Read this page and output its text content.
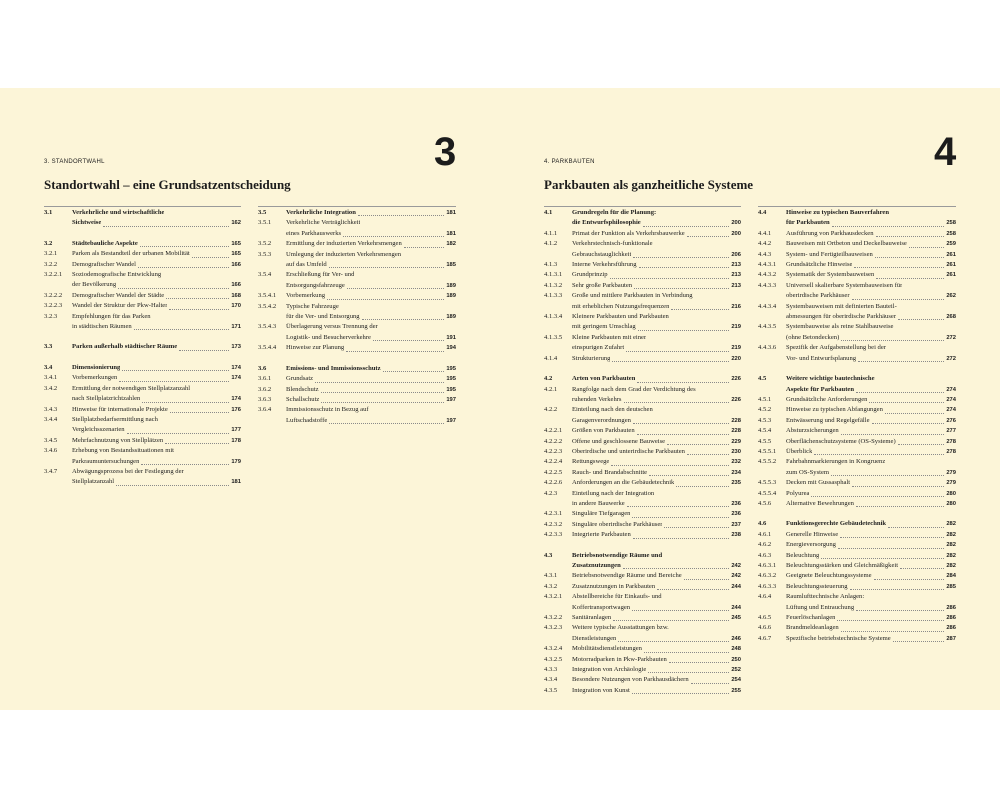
3
3. STANDORTWAHL
Standortwahl – eine Grundsatzentscheidung
3.1	Verkehrliche und wirtschaftliche
Sichtweise	162
3.2	Städtebauliche Aspekte	165
3.2.1	Parken als Bestandteil der urbanen Mobilität	165
3.2.2	Demografischer Wandel	166
3.2.2.1	Soziodemografische Entwicklung
der Bevölkerung	166
3.2.2.2	Demografischer Wandel der Städte	168
3.2.2.3	Wandel der Struktur der Pkw-Halter	170
3.2.3	Empfehlungen für das Parken
in städtischen Räumen	171
3.3	Parken außerhalb städtischer Räume	173
3.4	Dimensionierung	174
3.4.1	Vorbemerkungen	174
3.4.2	Ermittlung der notwendigen Stellplatzanzahl
nach Stellplatzrichtzahlen	174
3.4.3	Hinweise für internationale Projekte	176
3.4.4	Stellplatzbedarfsermittlung nach
Vergleichsszenarien	177
3.4.5	Mehrfachnutzung von Stellplätzen	178
3.4.6	Erhebung von Bestandssituationen mit
Parkraumuntersuchungen	179
3.4.7	Abwägungsprozess bei der Festlegung der
Stellplatzanzahl	181
3.5	Verkehrliche Integration	181
3.5.1	Verkehrliche Verträglichkeit
eines Parkhauswerks	181
3.5.2	Ermittlung der induzierten Verkehrsmengen	182
3.5.3	Umlegung der induzierten Verkehrsmengen
auf das Umfeld	185
3.5.4	Erschließung für Ver- und
Entsorgungsfahrzeuge	189
3.5.4.1	Vorbemerkung	189
3.5.4.2	Typische Fahrzeuge
für die Ver- und Entsorgung	189
3.5.4.3	Überlagerung versus Trennung der
Logistik- und Besucherverkehre	191
3.5.4.4	Hinweise zur Planung	194
3.6	Emissions- und Immissionsschutz	195
3.6.1	Grundsatz	195
3.6.2	Blendschutz	195
3.6.3	Schallschutz	197
3.6.4	Immissionsschutz in Bezug auf
Luftschadstoffe	197
4
4. PARKBAUTEN
Parkbauten als ganzheitliche Systeme
4.1	Grundregeln für die Planung:
die Entwurfsphilosophie	200
4.1.1	Primat der Funktion als Verkehrsbauwerke	200
4.1.2	Verkehrstechnisch-funktionale
Gebrauchstauglichkeit	206
4.1.3	Interne Verkehrsführung	213
4.1.3.1	Grundprinzip	213
4.1.3.2	Sehr große Parkbauten	213
4.1.3.3	Große und mittlere Parkbauten in Verbindung
mit erheblichen Nutzungsfrequenzen	216
4.1.3.4	Kleinere Parkbauten und Parkbauten
mit geringem Umschlag	219
4.1.3.5	Kleine Parkbauten mit einer
einspurigen Zufahrt	219
4.1.4	Strukturierung	220
4.2	Arten von Parkbauten	226
4.2.1	Rangfolge nach dem Grad der Verdichtung des
ruhenden Verkehrs	226
4.2.2	Einteilung nach den deutschen
Garagenverordnungen	228
4.2.2.1	Größen von Parkbauten	228
4.2.2.2	Offene und geschlossene Bauweise	229
4.2.2.3	Oberirdische und unterirdische Parkbauten	230
4.2.2.4	Rettungswege	232
4.2.2.5	Rauch- und Brandabschnitte	234
4.2.2.6	Anforderungen an die Gebäudetechnik	235
4.2.3	Einteilung nach der Integration
in andere Bauwerke	236
4.2.3.1	Singuläre Tiefgaragen	236
4.2.3.2	Singuläre oberirdische Parkhäuser	237
4.2.3.3	Integrierte Parkbauten	238
4.3	Betriebsnotwendige Räume und
Zusatznutzungen	242
4.3.1	Betriebsnotwendige Räume und Bereiche	242
4.3.2	Zusatznutzungen in Parkbauten	244
4.3.2.1	Abstellbereiche für Einkaufs- und
Koffertransportwagen	244
4.3.2.2	Sanitäranlagen	245
4.3.2.3	Weitere typische Ausstattungen bzw.
Dienstleistungen	246
4.3.2.4	Mobilitätsdienstleistungen	248
4.3.2.5	Motorradparken in Pkw-Parkbauten	250
4.3.3	Integration von Archäologie	252
4.3.4	Besondere Nutzungen von Parkhausdächern	254
4.3.5	Integration von Kunst	255
4.4	Hinweise zu typischen Bauverfahren
für Parkbauten	258
4.4.1	Ausführung von Parkhausdecken	258
4.4.2	Bauweisen mit Ortbeton und Deckelbauweise	259
4.4.3	System- und Fertigteilbauweisen	261
4.4.3.1	Grundsätzliche Hinweise	261
4.4.3.2	Systematik der Systembauweisen	261
4.4.3.3	Universell skalierbare Systembauweisen für
oberirdische Parkhäuser	262
4.4.3.4	Systembauweisen mit definierten Bauteil-
abmessungen für oberirdische Parkhäuser	268
4.4.3.5	Systembauweise als reine Stahlbauweise
(ohne Betondecken)	272
4.4.3.6	Spezifik der Aufgabenstellung bei der
Vor- und Entwurfsplanung	272
4.5	Weitere wichtige bautechnische
Aspekte für Parkbauten	274
4.5.1	Grundsätzliche Anforderungen	274
4.5.2	Hinweise zu typischen Abfangungen	274
4.5.3	Entwässerung und Regelgefälle	276
4.5.4	Absturzsicherungen	277
4.5.5	Oberflächenschutzsysteme (OS-Systeme)	278
4.5.5.1	Überblick	278
4.5.5.2	Fahrbahnmarkierungen in Kongruenz
zum OS-System	279
4.5.5.3	Decken mit Gussasphalt	279
4.5.5.4	Polyurea	280
4.5.6	Alternative Bewehrungen	280
4.6	Funktionsgerechte Gebäudetechnik	282
4.6.1	Generelle Hinweise	282
4.6.2	Energieversorgung	282
4.6.3	Beleuchtung	282
4.6.3.1	Beleuchtungsstärken und Gleichmäßigkeit	282
4.6.3.2	Geeignete Beleuchtungssysteme	284
4.6.3.3	Beleuchtungssteuerung	285
4.6.4	Raumlufttechnische Anlagen:
Lüftung und Entrauchung	286
4.6.5	Feuerlöschanlagen	286
4.6.6	Brandmeldeanlagen	286
4.6.7	Spezifische betriebstechnische Systeme	287
